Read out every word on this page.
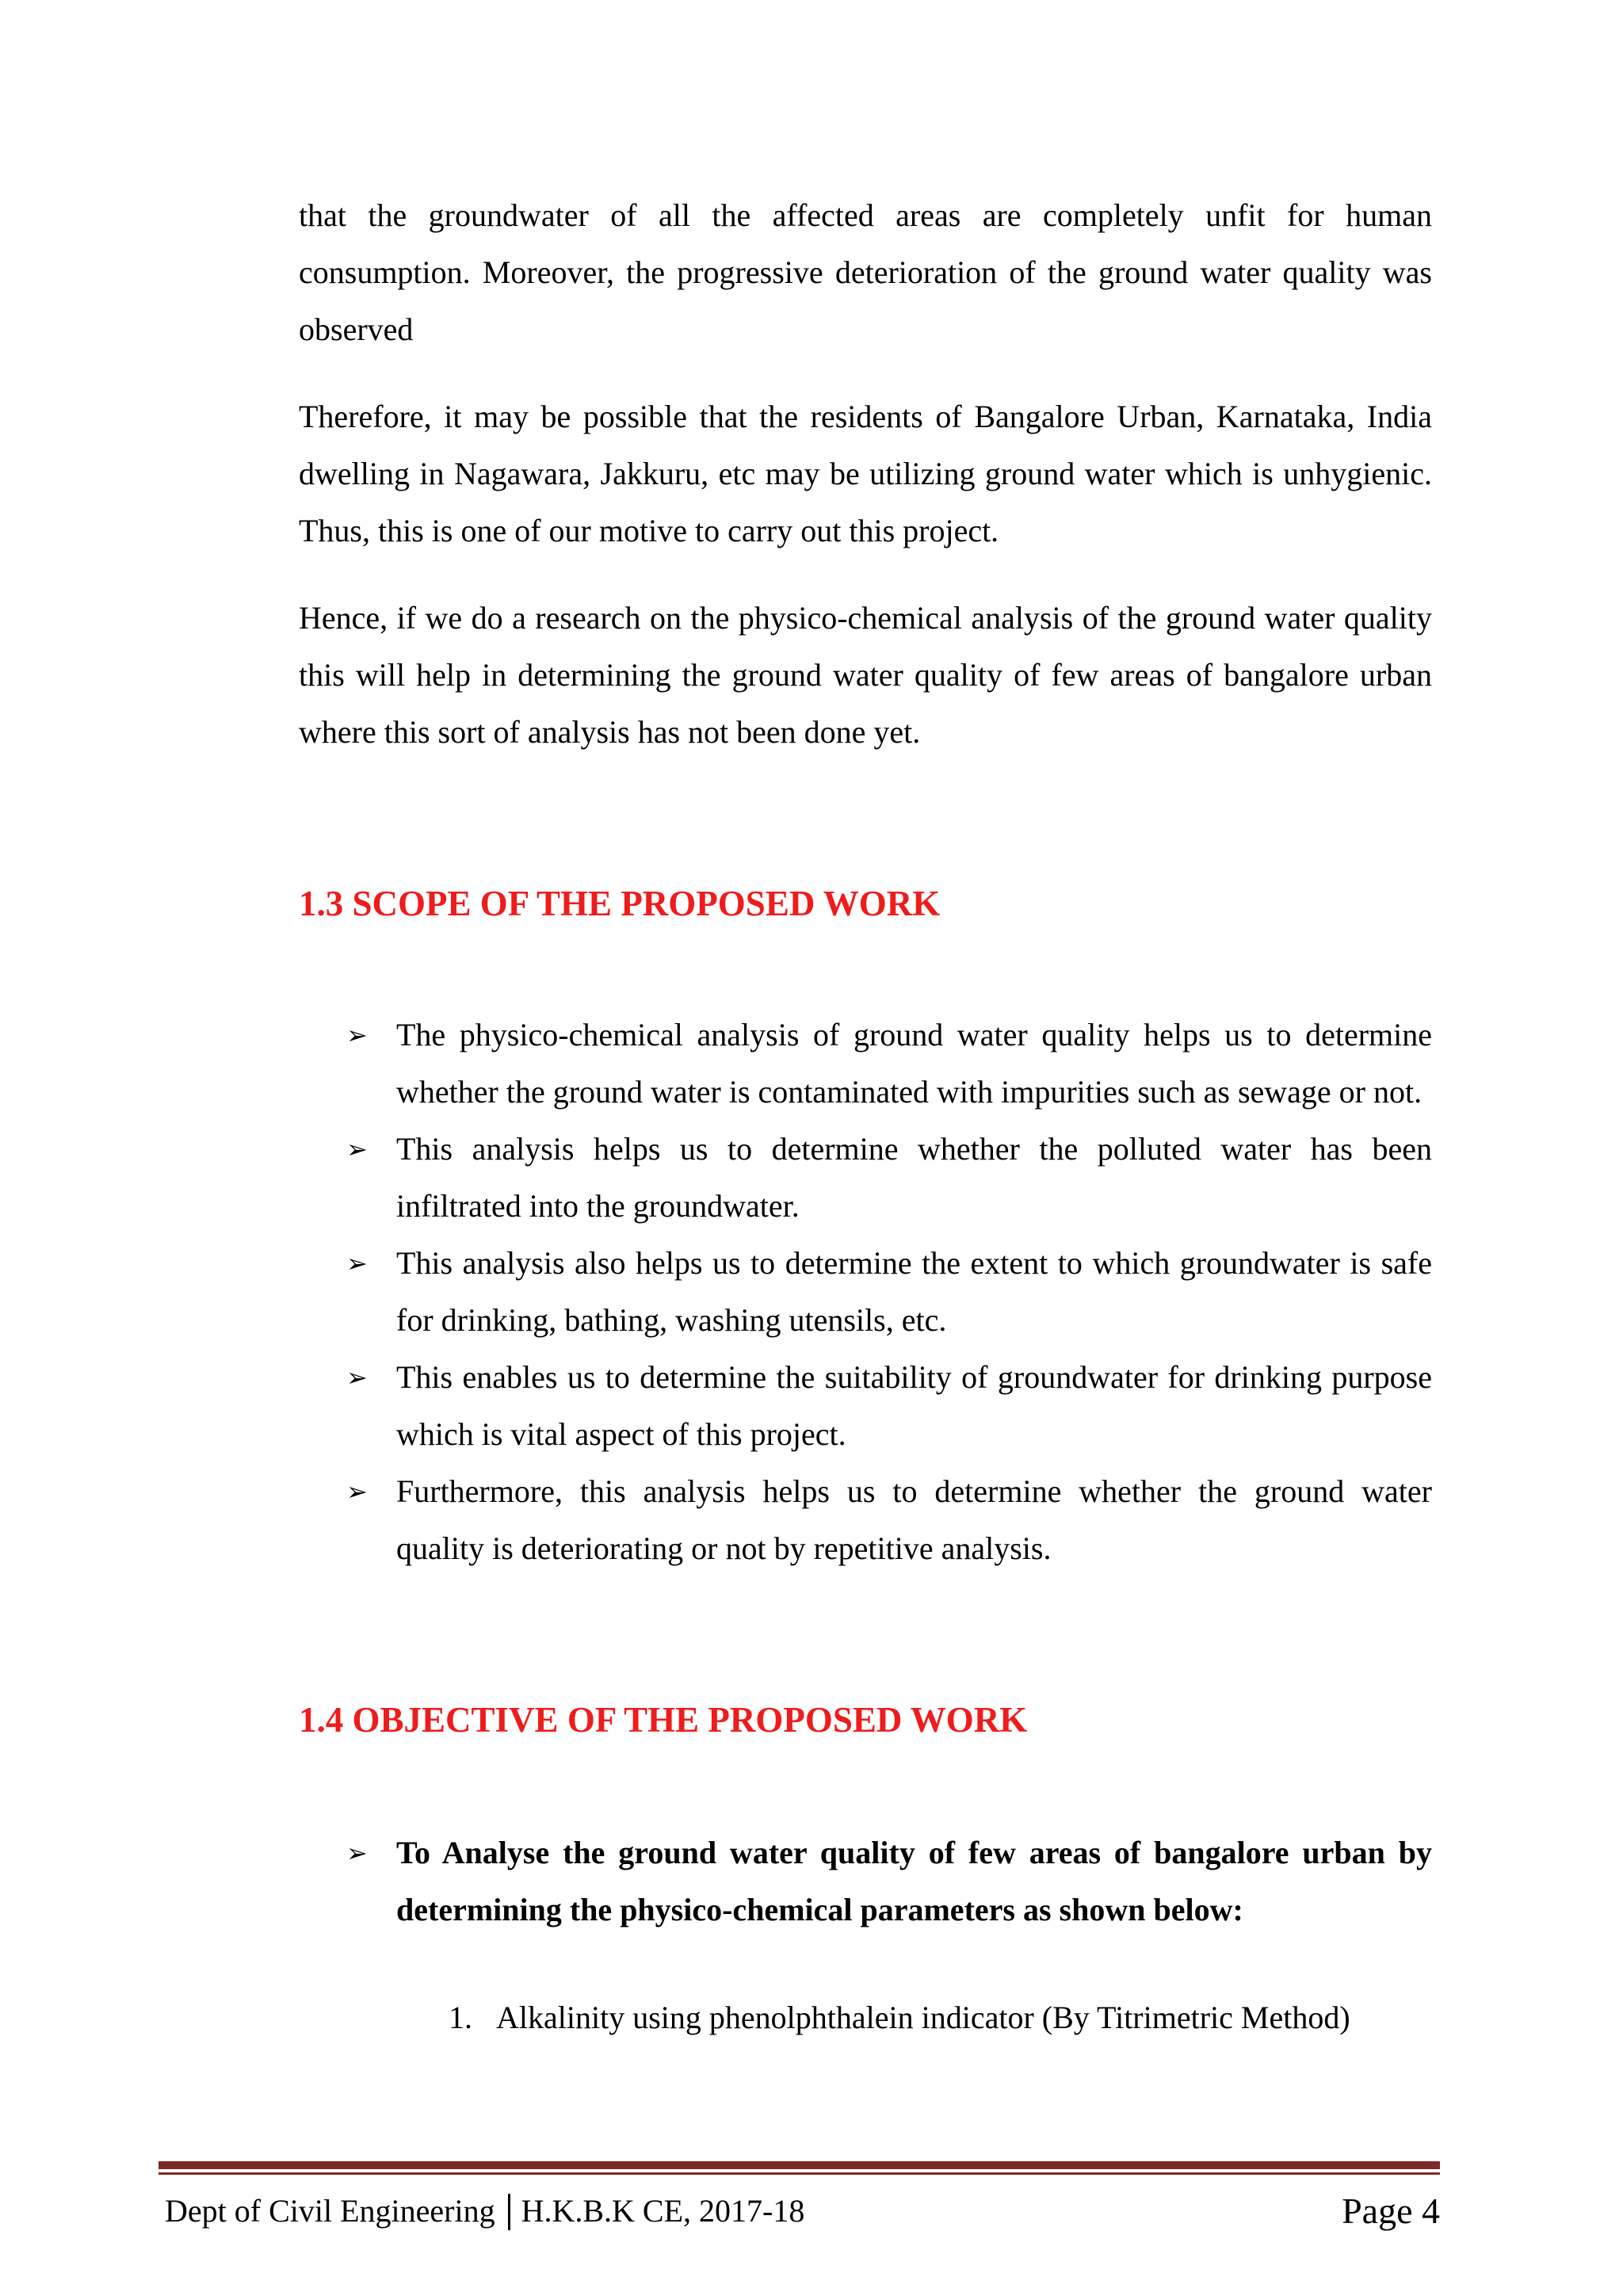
that the groundwater of all the affected areas are completely unfit for human consumption. Moreover, the progressive deterioration of the ground water quality was observed

Therefore, it may be possible that the residents of Bangalore Urban, Karnataka, India dwelling in Nagawara, Jakkuru, etc may be utilizing ground water which is unhygienic. Thus, this is one of our motive to carry out this project.

Hence, if we do a research on the physico-chemical analysis of the ground water quality this will help in determining the ground water quality of few areas of bangalore urban where this sort of analysis has not been done yet.

1.3 SCOPE OF THE PROPOSED WORK
➢ The physico-chemical analysis of ground water quality helps us to determine whether the ground water is contaminated with impurities such as sewage or not.
➢ This analysis helps us to determine whether the polluted water has been infiltrated into the groundwater.
➢ This analysis also helps us to determine the extent to which groundwater is safe for drinking, bathing, washing utensils, etc.
➢ This enables us to determine the suitability of groundwater for drinking purpose which is vital aspect of this project.
➢ Furthermore, this analysis helps us to determine whether the ground water quality is deteriorating or not by repetitive analysis.
1.4 OBJECTIVE OF THE PROPOSED WORK
➢ To Analyse the ground water quality of few areas of bangalore urban by determining the physico-chemical parameters as shown below:
1. Alkalinity using phenolphthalein indicator (By Titrimetric Method)
Dept of Civil Engineering H.K.B.K CE, 2017-18	Page 4
